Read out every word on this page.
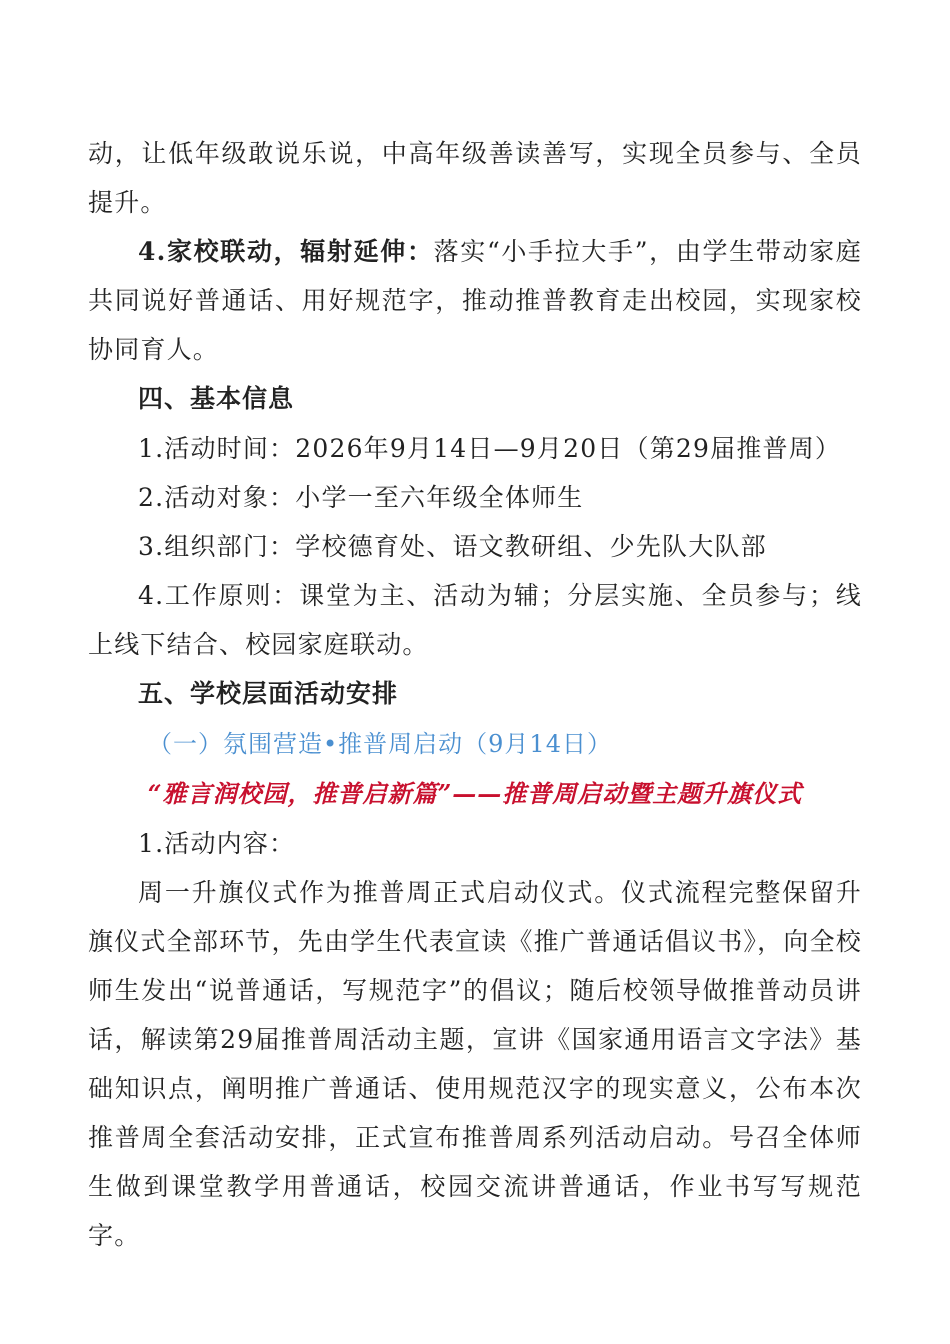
动，让低年级敢说乐说，中高年级善读善写，实现全员参与、全员提升。

4.家校联动，辐射延伸：落实“小手拉大手”，由学生带动家庭共同说好普通话、用好规范字，推动推普教育走出校园，实现家校协同育人。

四、基本信息

1.活动时间：2026年9月14日—9月20日（第29届推普周）

2.活动对象：小学一至六年级全体师生

3.组织部门：学校德育处、语文教研组、少先队大队部

4.工作原则：课堂为主、活动为辅；分层实施、全员参与；线上线下结合、校园家庭联动。

五、学校层面活动安排

（一）氛围营造•推普周启动（9月14日）

“雅言润校园，推普启新篇”——推普周启动暨主题升旗仪式

1.活动内容：

周一升旗仪式作为推普周正式启动仪式。仪式流程完整保留升旗仪式全部环节，先由学生代表宣读《推广普通话倡议书》，向全校师生发出“说普通话，写规范字”的倡议；随后校领导做推普动员讲话，解读第29届推普周活动主题，宣讲《国家通用语言文字法》基础知识点，阐明推广普通话、使用规范汉字的现实意义，公布本次推普周全套活动安排，正式宣布推普周系列活动启动。号召全体师生做到课堂教学用普通话，校园交流讲普通话，作业书写写规范字。
